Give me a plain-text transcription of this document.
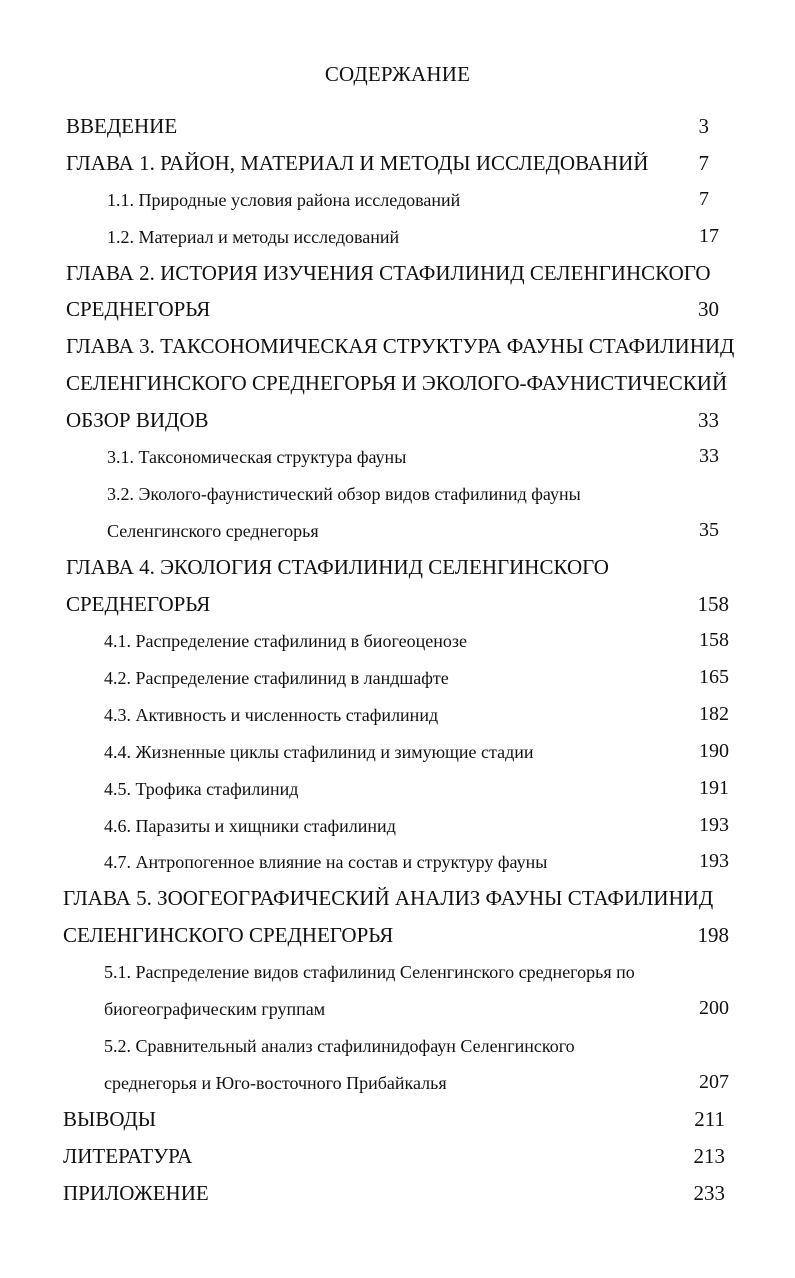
СОДЕРЖАНИЕ
ВВЕДЕНИЕ	3
ГЛАВА 1. РАЙОН, МАТЕРИАЛ И МЕТОДЫ ИССЛЕДОВАНИЙ 7
1.1. Природные условия района исследований	7
1.2. Материал и методы исследований	17
ГЛАВА 2. ИСТОРИЯ ИЗУЧЕНИЯ СТАФИЛИНИД СЕЛЕНГИНСКОГО
СРЕДНЕГОРЬЯ	30
ГЛАВА 3. ТАКСОНОМИЧЕСКАЯ СТРУКТУРА ФАУНЫ СТАФИЛИНИД
СЕЛЕНГИНСКОГО СРЕДНЕГОРЬЯ И ЭКОЛОГО-ФАУНИСТИЧЕСКИЙ
ОБЗОР ВИДОВ	33
3.1. Таксономическая структура фауны	33
3.2. Эколого-фаунистический обзор видов стафилинид фауны
Селенгинского среднегорья	35
ГЛАВА 4. ЭКОЛОГИЯ СТАФИЛИНИД СЕЛЕНГИНСКОГО
СРЕДНЕГОРЬЯ	158
4.1. Распределение стафилинид в биогеоценозе	158
4.2. Распределение стафилинид в ландшафте	165
4.3. Активность и численность стафилинид	182
4.4. Жизненные циклы стафилинид и зимующие стадии	190
4.5. Трофика стафилинид	191
4.6. Паразиты и хищники стафилинид	193
4.7. Антропогенное влияние на состав и структуру фауны	193
ГЛАВА 5. ЗООГЕОГРАФИЧЕСКИЙ АНАЛИЗ ФАУНЫ СТАФИЛИНИД
СЕЛЕНГИНСКОГО СРЕДНЕГОРЬЯ	198
5.1. Распределение видов стафилинид Селенгинского среднегорья по
биогеографическим группам	200
5.2. Сравнительный анализ стафилинидофаун Селенгинского
среднегорья и Юго-восточного Прибайкалья	207
ВЫВОДЫ	211
ЛИТЕРАТУРА	213
ПРИЛОЖЕНИЕ	233
